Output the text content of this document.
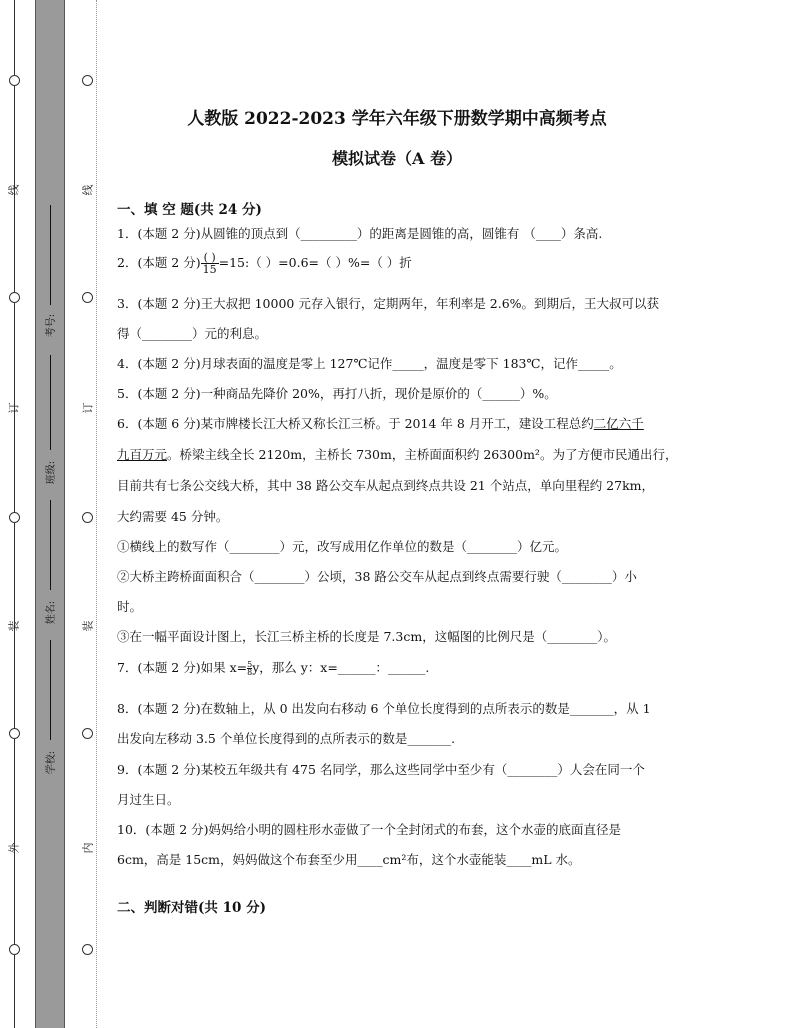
线
订
装
外
线
订
装
内
考号:
班级:
姓名:
学校:
人教版 2022-2023 学年六年级下册数学期中高频考点
模拟试卷（A 卷）
一、填 空 题(共 24 分)
1．(本题 2 分)从圆锥的顶点到（_________）的距离是圆锥的高，圆锥有 （____）条高.
2．(本题 2 分) $\frac{( )}{15}$ =15:（ ）=0.6=（ ）%=（ ）折
3．(本题 2 分)王大叔把 10000 元存入银行，定期两年，年利率是 2.6%。到期后，王大叔可以获
得（________）元的利息。
4．(本题 2 分)月球表面的温度是零上 127℃记作_____，温度是零下 183℃，记作_____。
5．(本题 2 分)一种商品先降价 20%，再打八折，现价是原价的（______）%。
6．(本题 6 分)某市牌楼长江大桥又称长江三桥。于 2014 年 8 月开工，建设工程总约二亿六千
九百万元。桥梁主线全长 2120m，主桥长 730m，主桥面面积约 26300m²。为了方便市民通出行，
目前共有七条公交线大桥，其中 38 路公交车从起点到终点共设 21 个站点，单向里程约 27km，
大约需要 45 分钟。
①横线上的数写作（________）元，改写成用亿作单位的数是（________）亿元。
②大桥主跨桥面面积合（________）公顷，38 路公交车从起点到终点需要行驶（________）小
时。
③在一幅平面设计图上，长江三桥主桥的长度是 7.3cm，这幅图的比例尺是（________）。
7．(本题 2 分)如果 $x= \frac{5}{8}y$，那么 y：x=______：______.
8．(本题 2 分)在数轴上，从 0 出发向右移动 6 个单位长度得到的点所表示的数是_______，从 1
出发向左移动 3.5 个单位长度得到的点所表示的数是_______.
9．(本题 2 分)某校五年级共有 475 名同学，那么这些同学中至少有（________）人会在同一个
月过生日。
10．(本题 2 分)妈妈给小明的圆柱形水壶做了一个全封闭式的布套，这个水壶的底面直径是
6cm，高是 15cm，妈妈做这个布套至少用____cm²布，这个水壶能装____mL 水。
二、判断对错(共 10 分)
